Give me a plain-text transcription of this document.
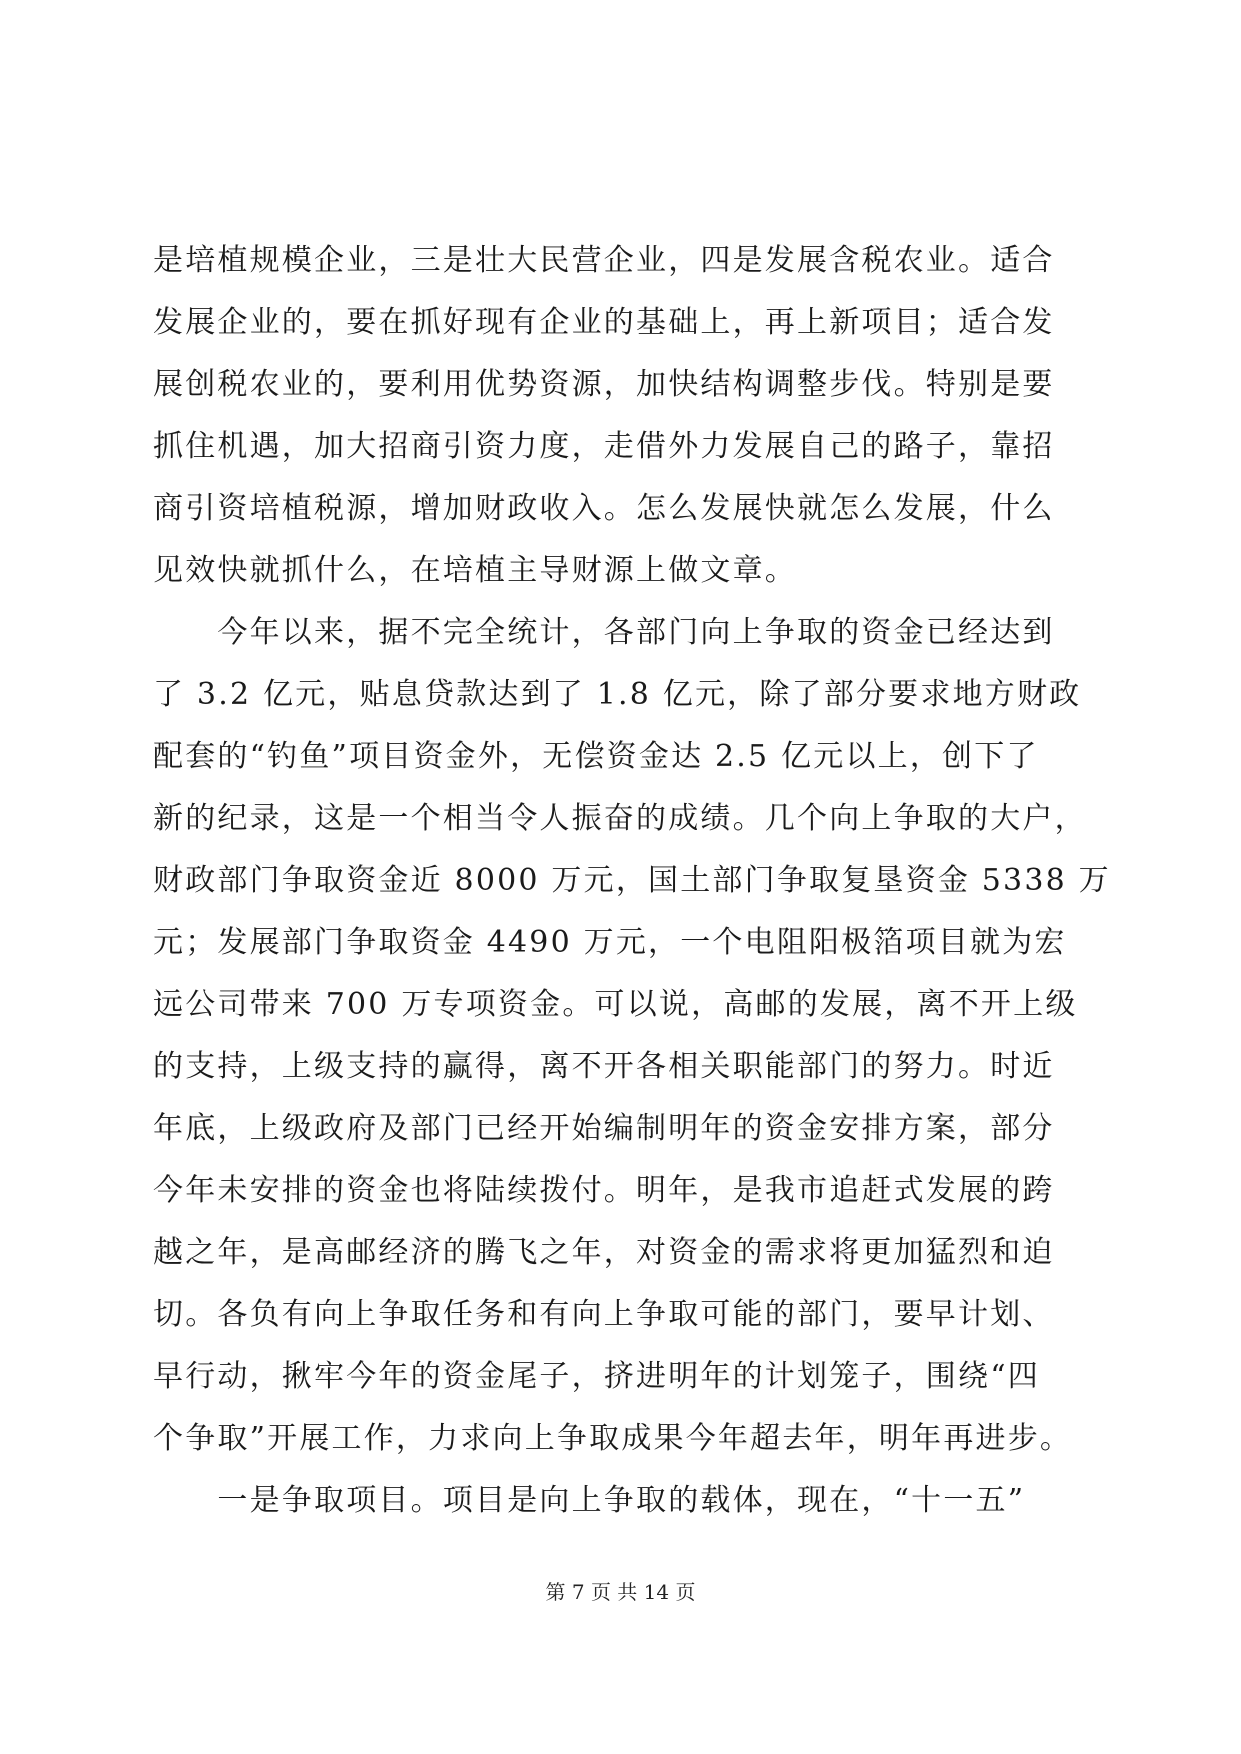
是培植规模企业，三是壮大民营企业，四是发展含税农业。适合
发展企业的，要在抓好现有企业的基础上，再上新项目；适合发
展创税农业的，要利用优势资源，加快结构调整步伐。特别是要
抓住机遇，加大招商引资力度，走借外力发展自己的路子，靠招
商引资培植税源，增加财政收入。怎么发展快就怎么发展，什么
见效快就抓什么，在培植主导财源上做文章。
　　今年以来，据不完全统计，各部门向上争取的资金已经达到
了 3.2 亿元，贴息贷款达到了 1.8 亿元，除了部分要求地方财政
配套的“钓鱼”项目资金外，无偿资金达 2.5 亿元以上，创下了
新的纪录，这是一个相当令人振奋的成绩。几个向上争取的大户，
财政部门争取资金近 8000 万元，国土部门争取复垦资金 5338 万
元；发展部门争取资金 4490 万元，一个电阻阳极箔项目就为宏
远公司带来 700 万专项资金。可以说，高邮的发展，离不开上级
的支持，上级支持的赢得，离不开各相关职能部门的努力。时近
年底，上级政府及部门已经开始编制明年的资金安排方案，部分
今年未安排的资金也将陆续拨付。明年，是我市追赶式发展的跨
越之年，是高邮经济的腾飞之年，对资金的需求将更加猛烈和迫
切。各负有向上争取任务和有向上争取可能的部门，要早计划、
早行动，揪牢今年的资金尾子，挤进明年的计划笼子，围绕“四
个争取”开展工作，力求向上争取成果今年超去年，明年再进步。
　　一是争取项目。项目是向上争取的载体，现在，“十一五”
第 7 页 共 14 页
